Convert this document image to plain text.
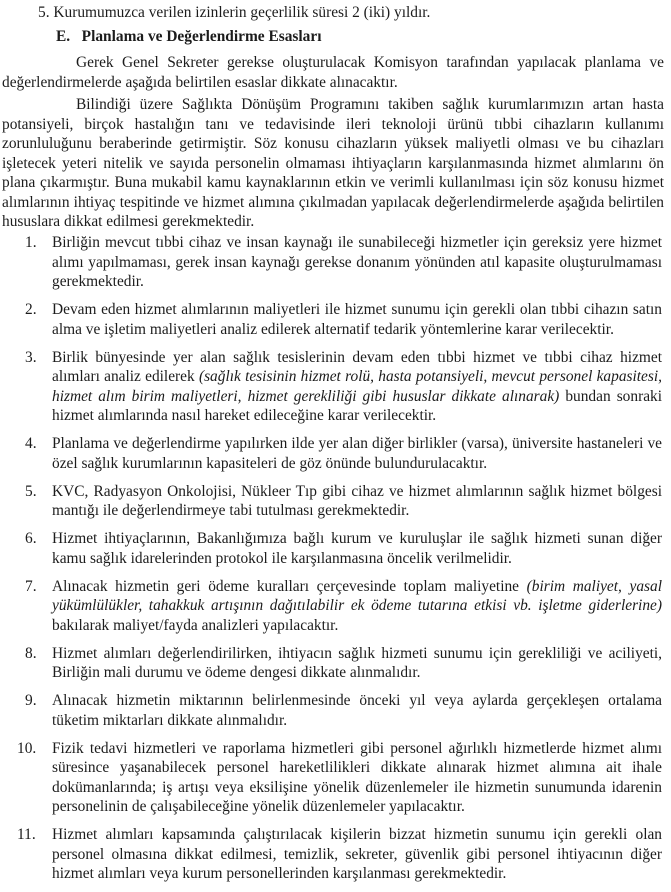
5. Kurumumuzca verilen izinlerin geçerlilik süresi 2 (iki) yıldır.
E. Planlama ve Değerlendirme Esasları

Gerek Genel Sekreter gerekse oluşturulacak Komisyon tarafından yapılacak planlama ve değerlendirmelerde aşağıda belirtilen esaslar dikkate alınacaktır.

Bilindiği üzere Sağlıkta Dönüşüm Programını takiben sağlık kurumlarımızın artan hasta potansiyeli, birçok hastalığın tanı ve tedavisinde ileri teknoloji ürünü tıbbi cihazların kullanımı zorunluluğunu beraberinde getirmiştir. Söz konusu cihazların yüksek maliyetli olması ve bu cihazları işletecek yeteri nitelik ve sayıda personelin olmaması ihtiyaçların karşılanmasında hizmet alımlarını ön plana çıkarmıştır. Buna mukabil kamu kaynaklarının etkin ve verimli kullanılması için söz konusu hizmet alımlarının ihtiyaç tespitinde ve hizmet alımına çıkılmadan yapılacak değerlendirmelerde aşağıda belirtilen hususlara dikkat edilmesi gerekmektedir.

1. Birliğin mevcut tıbbi cihaz ve insan kaynağı ile sunabileceği hizmetler için gereksiz yere hizmet alımı yapılmaması, gerek insan kaynağı gerekse donanım yönünden atıl kapasite oluşturulmaması gerekmektedir.
2. Devam eden hizmet alımlarının maliyetleri ile hizmet sunumu için gerekli olan tıbbi cihazın satın alma ve işletim maliyetleri analiz edilerek alternatif tedarik yöntemlerine karar verilecektir.
3. Birlik bünyesinde yer alan sağlık tesislerinin devam eden tıbbi hizmet ve tıbbi cihaz hizmet alımları analiz edilerek (sağlık tesisinin hizmet rolü, hasta potansiyeli, mevcut personel kapasitesi, hizmet alım birim maliyetleri, hizmet gerekliliği gibi hususlar dikkate alınarak) bundan sonraki hizmet alımlarında nasıl hareket edileceğine karar verilecektir.
4. Planlama ve değerlendirme yapılırken ilde yer alan diğer birlikler (varsa), üniversite hastaneleri ve özel sağlık kurumlarının kapasiteleri de göz önünde bulundurulacaktır.
5. KVC, Radyasyon Onkolojisi, Nükleer Tıp gibi cihaz ve hizmet alımlarının sağlık hizmet bölgesi mantığı ile değerlendirmeye tabi tutulması gerekmektedir.
6. Hizmet ihtiyaçlarının, Bakanlığımıza bağlı kurum ve kuruluşlar ile sağlık hizmeti sunan diğer kamu sağlık idarelerinden protokol ile karşılanmasına öncelik verilmelidir.
7. Alınacak hizmetin geri ödeme kuralları çerçevesinde toplam maliyetine (birim maliyet, yasal yükümlülükler, tahakkuk artışının dağıtılabilir ek ödeme tutarına etkisi vb. işletme giderlerine) bakılarak maliyet/fayda analizleri yapılacaktır.
8. Hizmet alımları değerlendirilirken, ihtiyacın sağlık hizmeti sunumu için gerekliliği ve aciliyeti, Birliğin mali durumu ve ödeme dengesi dikkate alınmalıdır.
9. Alınacak hizmetin miktarının belirlenmesinde önceki yıl veya aylarda gerçekleşen ortalama tüketim miktarları dikkate alınmalıdır.
10. Fizik tedavi hizmetleri ve raporlama hizmetleri gibi personel ağırlıklı hizmetlerde hizmet alımı süresince yaşanabilecek personel hareketlilikleri dikkate alınarak hizmet alımına ait ihale dokümanlarında; iş artışı veya eksilişine yönelik düzenlemeler ile hizmetin sunumunda idarenin personelinin de çalışabileceğine yönelik düzenlemeler yapılacaktır.
11. Hizmet alımları kapsamında çalıştırılacak kişilerin bizzat hizmetin sunumu için gerekli olan personel olmasına dikkat edilmesi, temizlik, sekreter, güvenlik gibi personel ihtiyacının diğer hizmet alımları veya kurum personellerinden karşılanması gerekmektedir.
